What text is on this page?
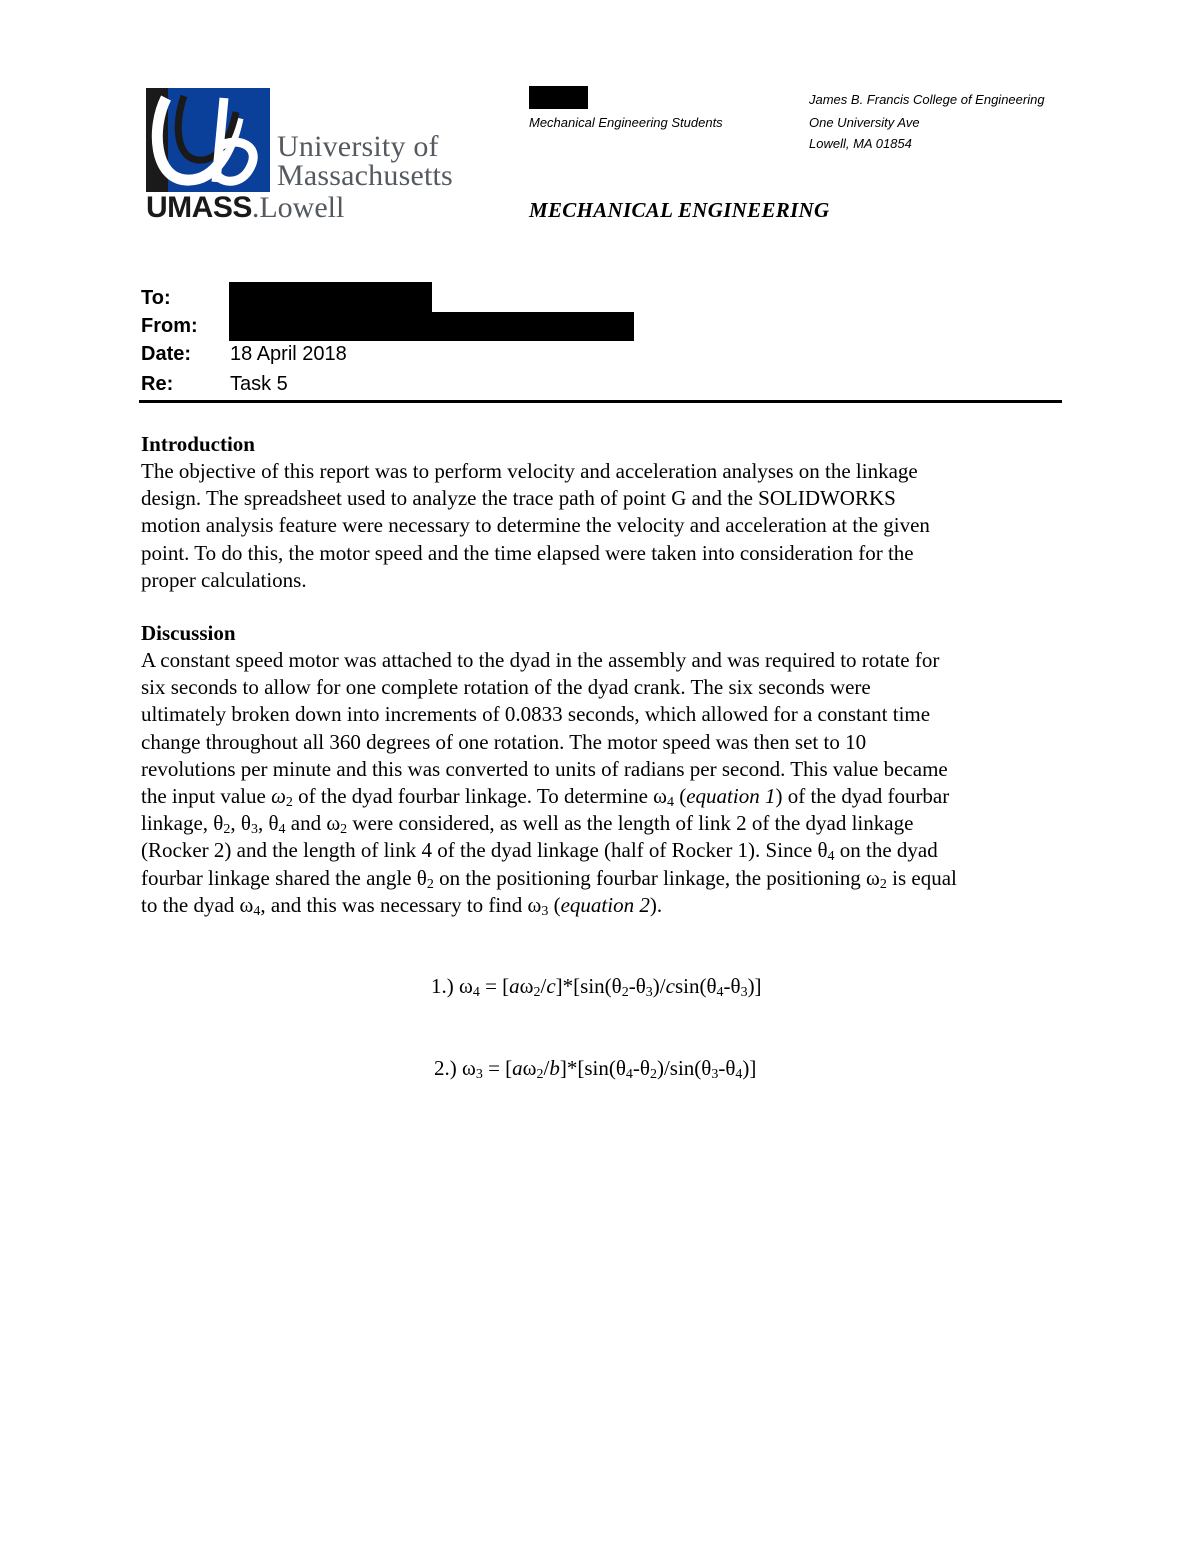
University of
Massachusetts
UMASS.Lowell
Mechanical Engineering Students
James B. Francis College of Engineering
One University Ave
Lowell, MA 01854
MECHANICAL ENGINEERING
To:
From:
Date: 18 April 2018
Re:	Task 5
Introduction
The objective of this report was to perform velocity and acceleration analyses on the linkage
design. The spreadsheet used to analyze the trace path of point G and the SOLIDWORKS
motion analysis feature were necessary to determine the velocity and acceleration at the given
point. To do this, the motor speed and the time elapsed were taken into consideration for the
proper calculations.
Discussion
A constant speed motor was attached to the dyad in the assembly and was required to rotate for
six seconds to allow for one complete rotation of the dyad crank. The six seconds were
ultimately broken down into increments of 0.0833 seconds, which allowed for a constant time
change throughout all 360 degrees of one rotation. The motor speed was then set to 10
revolutions per minute and this was converted to units of radians per second. This value became
the input value $\omega_2$ of the dyad fourbar linkage. To determine $\omega_4$ (equation 1) of the dyad fourbar
linkage, $\theta_2$, $\theta_3$, $\theta_4$ and $\omega_2$ were considered, as well as the length of link 2 of the dyad linkage
(Rocker 2) and the length of link 4 of the dyad linkage (half of Rocker 1). Since $\theta_4$ on the dyad
fourbar linkage shared the angle $\theta_2$ on the positioning fourbar linkage, the positioning $\omega_2$ is equal
to the dyad $\omega_4$, and this was necessary to find $\omega_3$ (equation 2).
1.) $\omega_4 = [a\omega_2/c]*[\sin(\theta_2-\theta_3)/csin(\theta_4-\theta_3)]$
2.) $\omega_3 = [a\omega_2/b]*[\sin(\theta_4-\theta_2)/\sin(\theta_3-\theta_4)]$
